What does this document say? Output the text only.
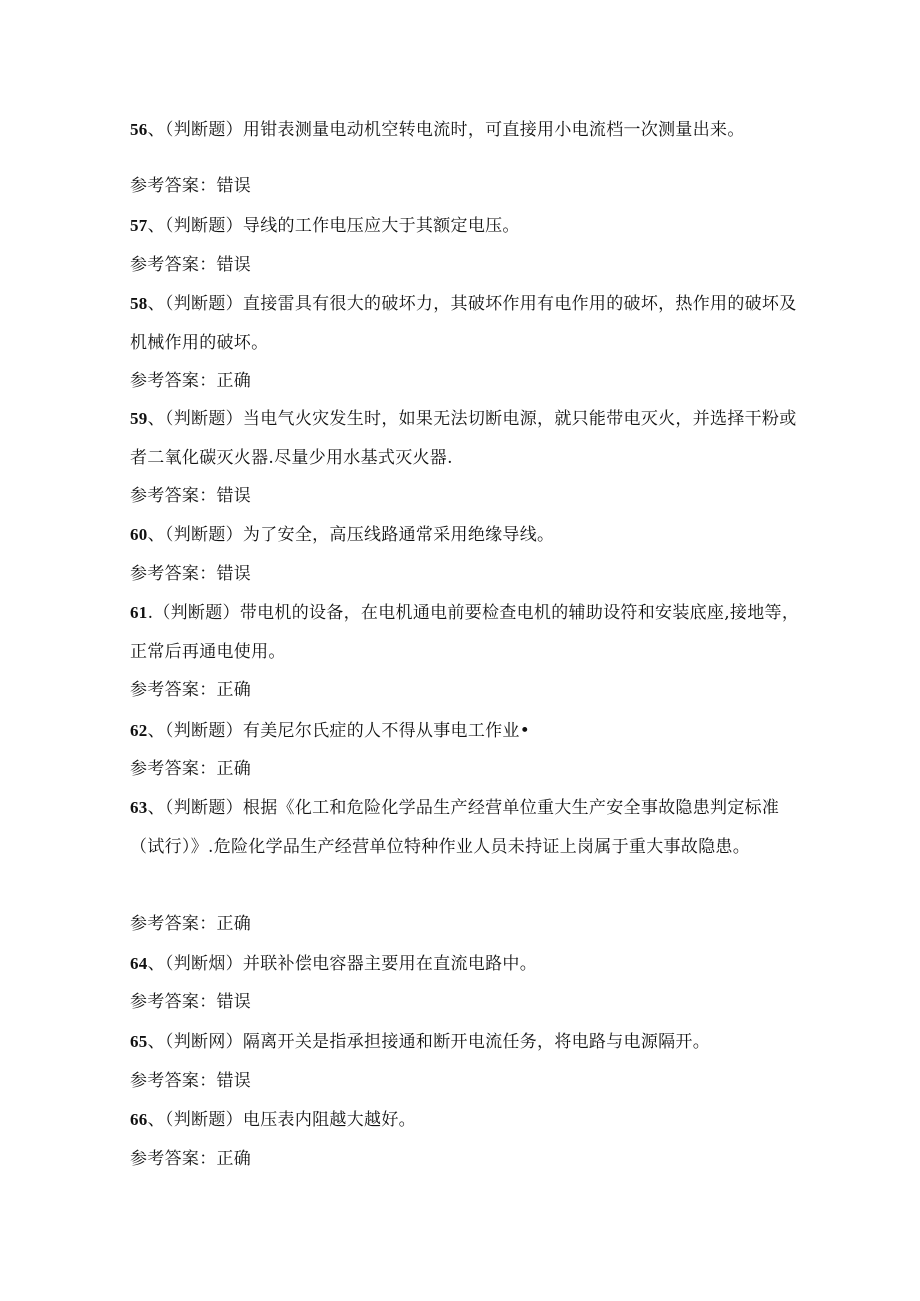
56、（判断题）用钳表测量电动机空转电流时，可直接用小电流档一次测量出来。
参考答案：错误
57、（判断题）导线的工作电压应大于其额定电压。
参考答案：错误
58、（判断题）直接雷具有很大的破坏力，其破坏作用有电作用的破坏，热作用的破坏及机械作用的破坏。
参考答案：正确
59、（判断题）当电气火灾发生时，如果无法切断电源，就只能带电灭火，并选择干粉或者二氧化碳灭火器.尽量少用水基式灭火器.
参考答案：错误
60、（判断题）为了安全，高压线路通常采用绝缘导线。
参考答案：错误
61.（判断题）带电机的设备，在电机通电前要检查电机的辅助设符和安装底座,接地等，正常后再通电使用。
参考答案：正确
62、（判断题）有美尼尔氏症的人不得从事电工作业•
参考答案：正确
63、（判断题）根据《化工和危险化学品生产经营单位重大生产安全事故隐患判定标准（试行）》.危险化学品生产经营单位特种作业人员未持证上岗属于重大事故隐患。
参考答案：正确
64、（判断烟）并联补偿电容器主要用在直流电路中。
参考答案：错误
65、（判断网）隔离开关是指承担接通和断开电流任务，将电路与电源隔开。
参考答案：错误
66、（判断题）电压表内阻越大越好。
参考答案：正确
